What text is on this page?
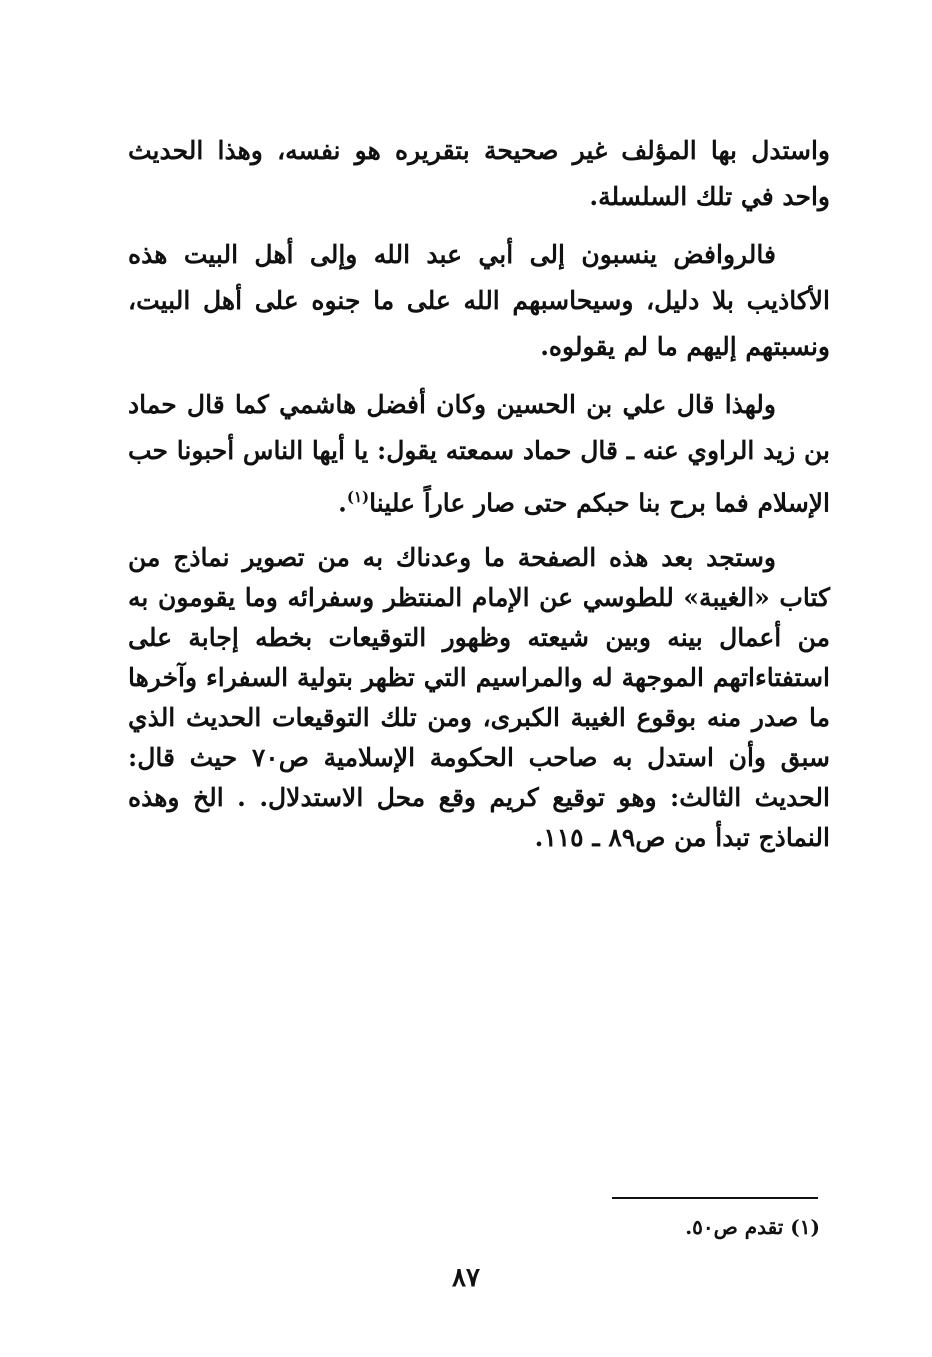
واستدل بها المؤلف غير صحيحة بتقريره هو نفسه، وهذا الحديث واحد في تلك السلسلة.

فالروافض ينسبون إلى أبي عبد الله وإلى أهل البيت هذه الأكاذيب بلا دليل، وسيحاسبهم الله على ما جنوه على أهل البيت، ونسبتهم إليهم ما لم يقولوه.

ولهذا قال علي بن الحسين وكان أفضل هاشمي كما قال حماد بن زيد الراوي عنه ـ قال حماد سمعته يقول: يا أيها الناس أحبونا حب الإسلام فما برح بنا حبكم حتى صار عاراً علينا$^{(١)}$.

وستجد بعد هذه الصفحة ما وعدناك به من تصوير نماذج من كتاب «الغيبة» للطوسي عن الإمام المنتظر وسفرائه وما يقومون به من أعمال بينه وبين شيعته وظهور التوقيعات بخطه إجابة على استفتاءاتهم الموجهة له والمراسيم التي تظهر بتولية السفراء وآخرها ما صدر منه بوقوع الغيبة الكبرى، ومن تلك التوقيعات الحديث الذي سبق وأن استدل به صاحب الحكومة الإسلامية ص٧٠ حيث قال: الحديث الثالث: وهو توقيع كريم وقع محل الاستدلال. . الخ وهذه النماذج تبدأ من ص٨٩ ـ ١١٥.

(١) تقدم ص٥٠.
٨٧
